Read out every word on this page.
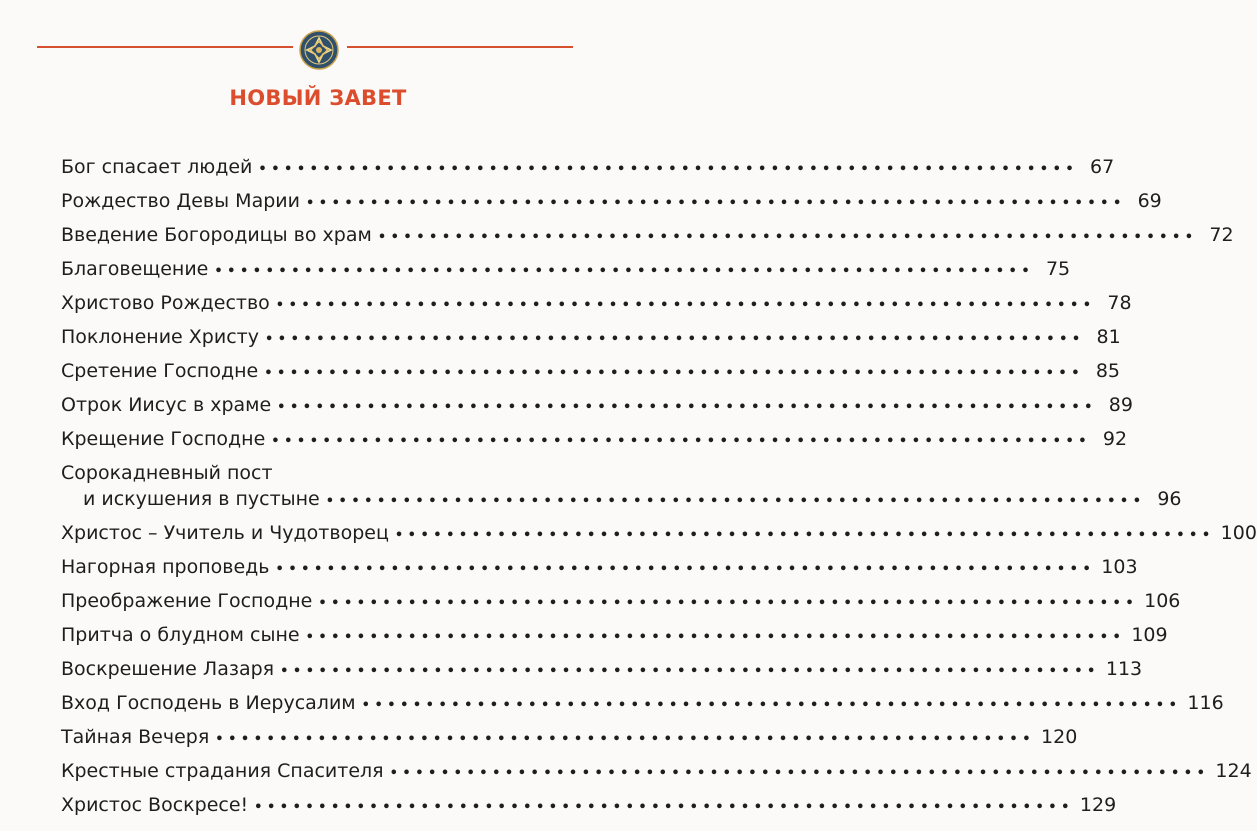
НОВЫЙ ЗАВЕТ
Бог спасает людей •••••••••••••••••••••••••••••••••••••••••••••••••••••••••••••••• 67
Рождество Девы Марии •••••••••••••••••••••••••••••••••••••••••••••••••••••••••••••••• 69
Введение Богородицы во храм •••••••••••••••••••••••••••••••••••••••••••••••••••••••••••••••• 72
Благовещение •••••••••••••••••••••••••••••••••••••••••••••••••••••••••••••••• 75
Христово Рождество •••••••••••••••••••••••••••••••••••••••••••••••••••••••••••••••• 78
Поклонение Христу •••••••••••••••••••••••••••••••••••••••••••••••••••••••••••••••• 81
Сретение Господне •••••••••••••••••••••••••••••••••••••••••••••••••••••••••••••••• 85
Отрок Иисус в храме •••••••••••••••••••••••••••••••••••••••••••••••••••••••••••••••• 89
Крещение Господне •••••••••••••••••••••••••••••••••••••••••••••••••••••••••••••••• 92
Сорокадневный пост
и искушения в пустыне •••••••••••••••••••••••••••••••••••••••••••••••••••••••••••••••• 96
Христос – Учитель и Чудотворец •••••••••••••••••••••••••••••••••••••••••••••••••••••••••••••••• 100
Нагорная проповедь •••••••••••••••••••••••••••••••••••••••••••••••••••••••••••••••• 103
Преображение Господне •••••••••••••••••••••••••••••••••••••••••••••••••••••••••••••••• 106
Притча о блудном сыне •••••••••••••••••••••••••••••••••••••••••••••••••••••••••••••••• 109
Воскрешение Лазаря •••••••••••••••••••••••••••••••••••••••••••••••••••••••••••••••• 113
Вход Господень в Иерусалим •••••••••••••••••••••••••••••••••••••••••••••••••••••••••••••••• 116
Тайная Вечеря •••••••••••••••••••••••••••••••••••••••••••••••••••••••••••••••• 120
Крестные страдания Спасителя •••••••••••••••••••••••••••••••••••••••••••••••••••••••••••••••• 124
Христос Воскресе! •••••••••••••••••••••••••••••••••••••••••••••••••••••••••••••••• 129
